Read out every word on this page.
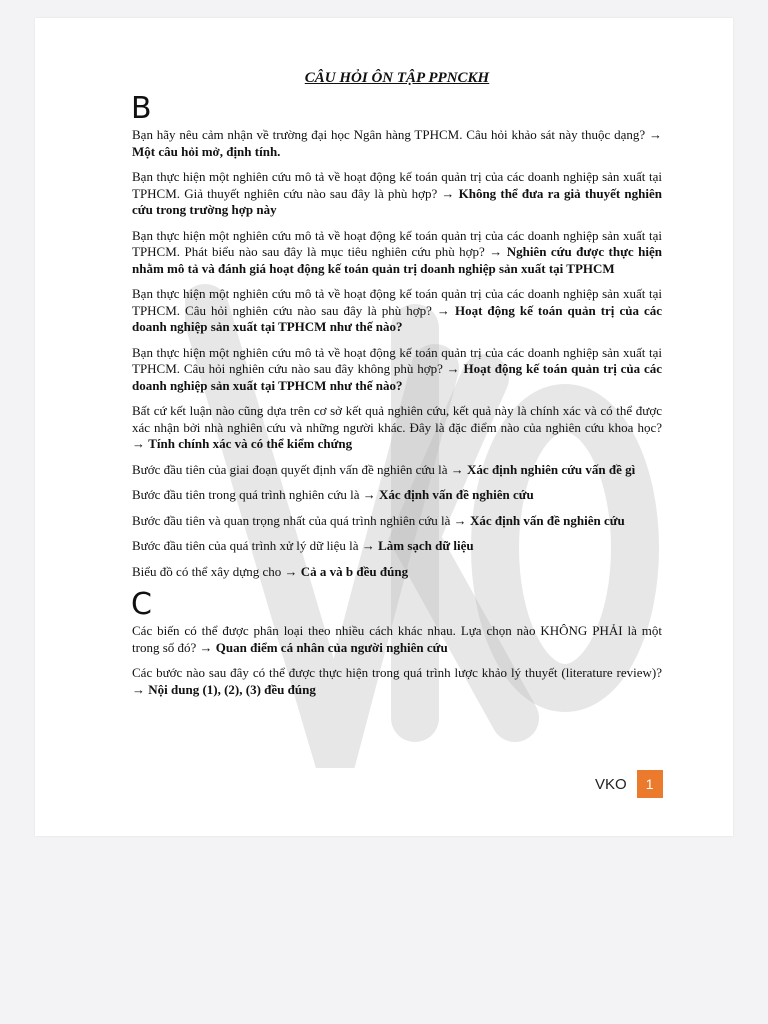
CÂU HỎI ÔN TẬP PPNCKH
B

Bạn hãy nêu cảm nhận về trường đại học Ngân hàng TPHCM. Câu hỏi khảo sát này thuộc dạng? → Một câu hỏi mở, định tính.

Bạn thực hiện một nghiên cứu mô tả về hoạt động kế toán quản trị của các doanh nghiệp sản xuất tại TPHCM. Giả thuyết nghiên cứu nào sau đây là phù hợp? → Không thể đưa ra giả thuyết nghiên cứu trong trường hợp này

Bạn thực hiện một nghiên cứu mô tả về hoạt động kế toán quản trị của các doanh nghiệp sản xuất tại TPHCM. Phát biểu nào sau đây là mục tiêu nghiên cứu phù hợp? → Nghiên cứu được thực hiện nhằm mô tả và đánh giá hoạt động kế toán quản trị doanh nghiệp sản xuất tại TPHCM

Bạn thực hiện một nghiên cứu mô tả về hoạt động kế toán quản trị của các doanh nghiệp sản xuất tại TPHCM. Câu hỏi nghiên cứu nào sau đây là phù hợp? → Hoạt động kế toán quản trị của các doanh nghiệp sản xuất tại TPHCM như thế nào?

Bạn thực hiện một nghiên cứu mô tả về hoạt động kế toán quản trị của các doanh nghiệp sản xuất tại TPHCM. Câu hỏi nghiên cứu nào sau đây không phù hợp? → Hoạt động kế toán quản trị của các doanh nghiệp sản xuất tại TPHCM như thế nào?

Bất cứ kết luận nào cũng dựa trên cơ sở kết quả nghiên cứu, kết quả này là chính xác và có thể được xác nhận bởi nhà nghiên cứu và những người khác. Đây là đặc điểm nào của nghiên cứu khoa học? → Tính chính xác và có thể kiểm chứng

Bước đầu tiên của giai đoạn quyết định vấn đề nghiên cứu là → Xác định nghiên cứu vấn đề gì

Bước đầu tiên trong quá trình nghiên cứu là → Xác định vấn đề nghiên cứu

Bước đầu tiên và quan trọng nhất của quá trình nghiên cứu là → Xác định vấn đề nghiên cứu

Bước đầu tiên của quá trình xử lý dữ liệu là → Làm sạch dữ liệu

Biểu đồ có thể xây dựng cho → Cả a và b đều đúng

C

Các biến có thể được phân loại theo nhiều cách khác nhau. Lựa chọn nào KHÔNG PHẢI là một trong số đó? → Quan điểm cá nhân của người nghiên cứu

Các bước nào sau đây có thể được thực hiện trong quá trình lược khảo lý thuyết (literature review)? → Nội dung (1), (2), (3) đều đúng

VKO	1
